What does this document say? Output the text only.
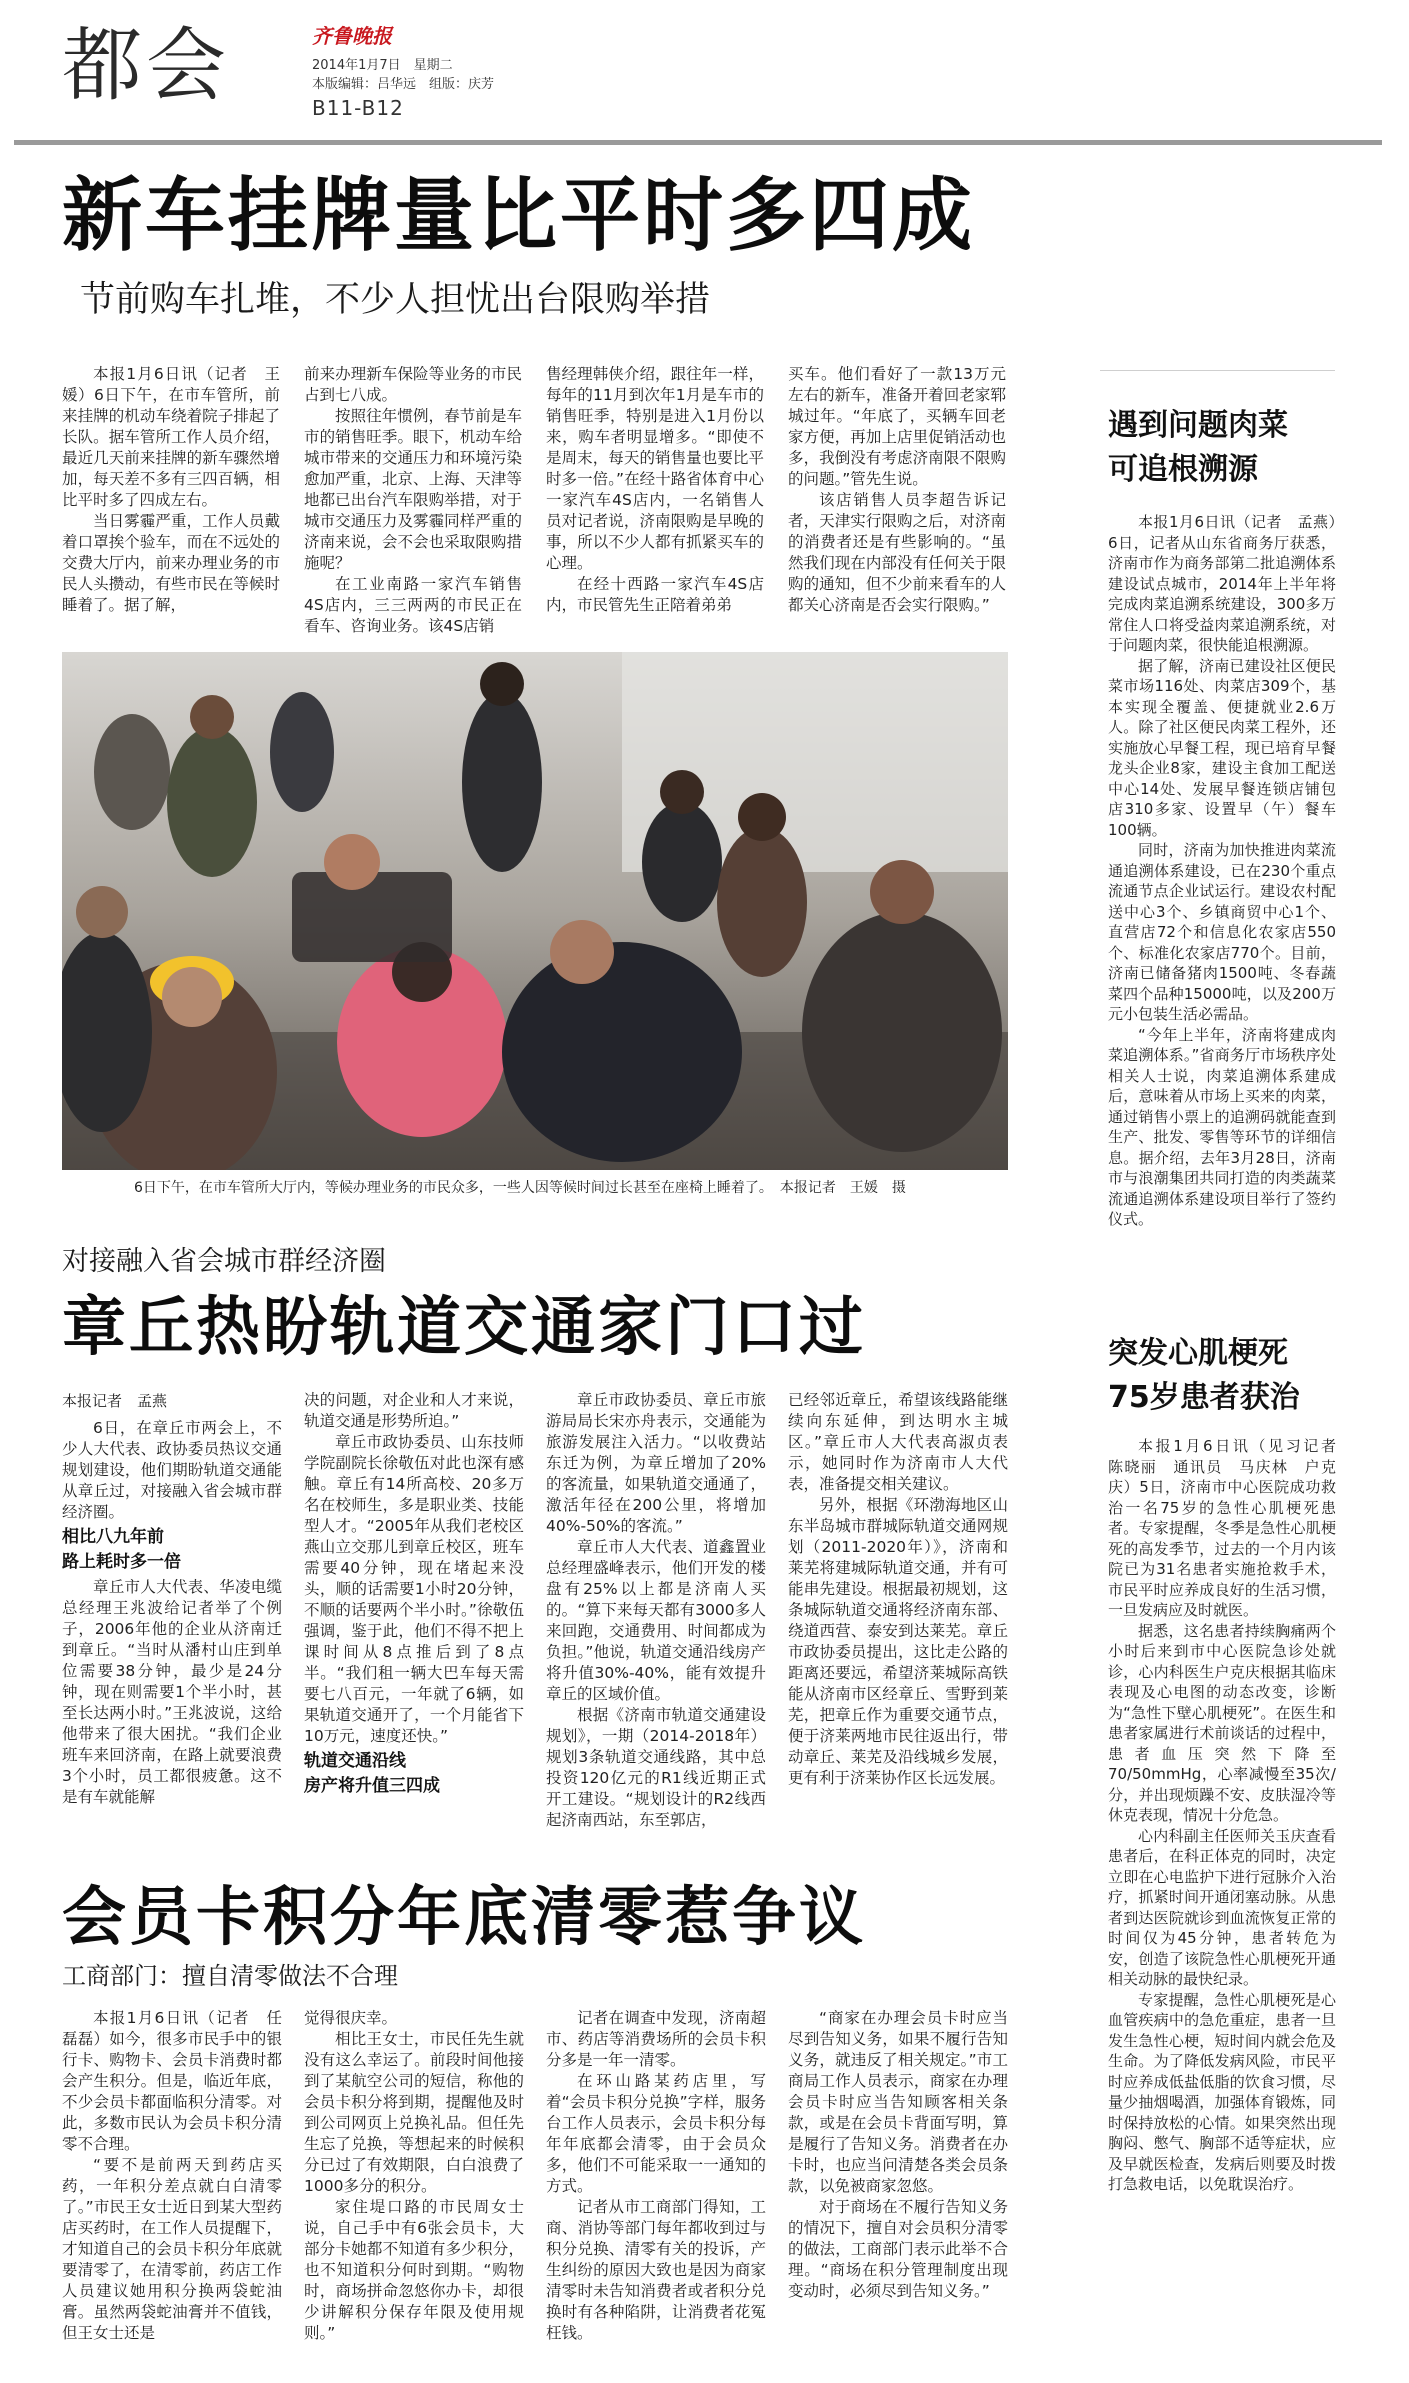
都会	齐鲁晚报
2014年1月7日　星期二
本版编辑：吕华远　组版：庆芳
B11-B12
新车挂牌量比平时多四成
节前购车扎堆，不少人担忧出台限购举措

本报1月6日讯（记者　王媛）6日下午，在市车管所，前来挂牌的机动车绕着院子排起了长队。据车管所工作人员介绍，最近几天前来挂牌的新车骤然增加，每天差不多有三四百辆，相比平时多了四成左右。

当日雾霾严重，工作人员戴着口罩挨个验车，而在不远处的交费大厅内，前来办理业务的市民人头攒动，有些市民在等候时睡着了。据了解，

前来办理新车保险等业务的市民占到七八成。

按照往年惯例，春节前是车市的销售旺季。眼下，机动车给城市带来的交通压力和环境污染愈加严重，北京、上海、天津等地都已出台汽车限购举措，对于城市交通压力及雾霾同样严重的济南来说，会不会也采取限购措施呢？

在工业南路一家汽车销售4S店内，三三两两的市民正在看车、咨询业务。该4S店销

售经理韩侠介绍，跟往年一样，每年的11月到次年1月是车市的销售旺季，特别是进入1月份以来，购车者明显增多。“即使不是周末，每天的销售量也要比平时多一倍。”在经十路省体育中心一家汽车4S店内，一名销售人员对记者说，济南限购是早晚的事，所以不少人都有抓紧买车的心理。

在经十西路一家汽车4S店内，市民管先生正陪着弟弟

买车。他们看好了一款13万元左右的新车，准备开着回老家郓城过年。“年底了，买辆车回老家方便，再加上店里促销活动也多，我倒没有考虑济南限不限购的问题。”管先生说。

该店销售人员李超告诉记者，天津实行限购之后，对济南的消费者还是有些影响的。“虽然我们现在内部没有任何关于限购的通知，但不少前来看车的人都关心济南是否会实行限购。”

6日下午，在市车管所大厅内，等候办理业务的市民众多，一些人因等候时间过长甚至在座椅上睡着了。　本报记者　王媛　摄
对接融入省会城市群经济圈
章丘热盼轨道交通家门口过
本报记者　孟燕

6日，在章丘市两会上，不少人大代表、政协委员热议交通规划建设，他们期盼轨道交通能从章丘过，对接融入省会城市群经济圈。

相比八九年前

路上耗时多一倍

章丘市人大代表、华凌电缆总经理王兆波给记者举了个例子，2006年他的企业从济南迁到章丘。“当时从潘村山庄到单位需要38分钟，最少是24分钟，现在则需要1个半小时，甚至长达两小时。”王兆波说，这给他带来了很大困扰。“我们企业班车来回济南，在路上就要浪费3个小时，员工都很疲惫。这不是有车就能解

决的问题，对企业和人才来说，轨道交通是形势所迫。”

章丘市政协委员、山东技师学院副院长徐敬伍对此也深有感触。章丘有14所高校、20多万名在校师生，多是职业类、技能型人才。“2005年从我们老校区燕山立交那儿到章丘校区，班车需要40分钟，现在堵起来没头，顺的话需要1小时20分钟，不顺的话要两个半小时。”徐敬伍强调，鉴于此，他们不得不把上课时间从8点推后到了8点半。“我们租一辆大巴车每天需要七八百元，一年就了6辆，如果轨道交通开了，一个月能省下10万元，速度还快。”

轨道交通沿线

房产将升值三四成

章丘市政协委员、章丘市旅游局局长宋亦舟表示，交通能为旅游发展注入活力。“以收费站东迁为例，为章丘增加了20%的客流量，如果轨道交通通了，激活年径在200公里，将增加40%-50%的客流。”

章丘市人大代表、道鑫置业总经理盛峰表示，他们开发的楼盘有25%以上都是济南人买的。“算下来每天都有3000多人来回跑，交通费用、时间都成为负担。”他说，轨道交通沿线房产将升值30%-40%，能有效提升章丘的区域价值。

根据《济南市轨道交通建设规划》，一期（2014-2018年）规划3条轨道交通线路，其中总投资120亿元的R1线近期正式开工建设。“规划设计的R2线西起济南西站，东至郭店，

已经邻近章丘，希望该线路能继续向东延伸，到达明水主城区。”章丘市人大代表高淑贞表示，她同时作为济南市人大代表，准备提交相关建议。

另外，根据《环渤海地区山东半岛城市群城际轨道交通网规划（2011-2020年）》，济南和莱芜将建城际轨道交通，并有可能串先建设。根据最初规划，这条城际轨道交通将经济南东部、绕道西营、泰安到达莱芜。章丘市政协委员提出，这比走公路的距离还要远，希望济莱城际高铁能从济南市区经章丘、雪野到莱芜，把章丘作为重要交通节点，便于济莱两地市民往返出行，带动章丘、莱芜及沿线城乡发展，更有利于济莱协作区长远发展。

会员卡积分年底清零惹争议
工商部门：擅自清零做法不合理

本报1月6日讯（记者　任磊磊）如今，很多市民手中的银行卡、购物卡、会员卡消费时都会产生积分。但是，临近年底，不少会员卡都面临积分清零。对此，多数市民认为会员卡积分清零不合理。

“要不是前两天到药店买药，一年积分差点就白白清零了。”市民王女士近日到某大型药店买药时，在工作人员提醒下，才知道自己的会员卡积分年底就要清零了，在清零前，药店工作人员建议她用积分换两袋蛇油膏。虽然两袋蛇油膏并不值钱，但王女士还是

觉得很庆幸。

相比王女士，市民任先生就没有这么幸运了。前段时间他接到了某航空公司的短信，称他的会员卡积分将到期，提醒他及时到公司网页上兑换礼品。但任先生忘了兑换，等想起来的时候积分已过了有效期限，白白浪费了1000多分的积分。

家住堤口路的市民周女士说，自己手中有6张会员卡，大部分卡她都不知道有多少积分，也不知道积分何时到期。“购物时，商场拼命忽悠你办卡，却很少讲解积分保存年限及使用规则。”

记者在调查中发现，济南超市、药店等消费场所的会员卡积分多是一年一清零。

在环山路某药店里，写着“会员卡积分兑换”字样，服务台工作人员表示，会员卡积分每年年底都会清零，由于会员众多，他们不可能采取一一通知的方式。

记者从市工商部门得知，工商、消协等部门每年都收到过与积分兑换、清零有关的投诉，产生纠纷的原因大致也是因为商家清零时未告知消费者或者积分兑换时有各种陷阱，让消费者花冤枉钱。

“商家在办理会员卡时应当尽到告知义务，如果不履行告知义务，就违反了相关规定。”市工商局工作人员表示，商家在办理会员卡时应当告知顾客相关条款，或是在会员卡背面写明，算是履行了告知义务。消费者在办卡时，也应当问清楚各类会员条款，以免被商家忽悠。

对于商场在不履行告知义务的情况下，擅自对会员积分清零的做法，工商部门表示此举不合理。“商场在积分管理制度出现变动时，必须尽到告知义务。”

遇到问题肉菜
可追根溯源

本报1月6日讯（记者　孟燕）6日，记者从山东省商务厅获悉，济南市作为商务部第二批追溯体系建设试点城市，2014年上半年将完成肉菜追溯系统建设，300多万常住人口将受益肉菜追溯系统，对于问题肉菜，很快能追根溯源。

据了解，济南已建设社区便民菜市场116处、肉菜店309个，基本实现全覆盖、便捷就业2.6万人。除了社区便民肉菜工程外，还实施放心早餐工程，现已培育早餐龙头企业8家，建设主食加工配送中心14处、发展早餐连锁店铺包店310多家、设置早（午）餐车100辆。

同时，济南为加快推进肉菜流通追溯体系建设，已在230个重点流通节点企业试运行。建设农村配送中心3个、乡镇商贸中心1个、直营店72个和信息化农家店550个、标准化农家店770个。目前，济南已储备猪肉1500吨、冬春蔬菜四个品种15000吨，以及200万元小包装生活必需品。

“今年上半年，济南将建成肉菜追溯体系。”省商务厅市场秩序处相关人士说，肉菜追溯体系建成后，意味着从市场上买来的肉菜，通过销售小票上的追溯码就能查到生产、批发、零售等环节的详细信息。据介绍，去年3月28日，济南市与浪潮集团共同打造的肉类蔬菜流通追溯体系建设项目举行了签约仪式。

突发心肌梗死
75岁患者获治

本报1月6日讯（见习记者　陈晓丽　通讯员　马庆林　户克庆）5日，济南市中心医院成功救治一名75岁的急性心肌梗死患者。专家提醒，冬季是急性心肌梗死的高发季节，过去的一个月内该院已为31名患者实施抢救手术，市民平时应养成良好的生活习惯，一旦发病应及时就医。

据悉，这名患者持续胸痛两个小时后来到市中心医院急诊处就诊，心内科医生户克庆根据其临床表现及心电图的动态改变，诊断为“急性下壁心肌梗死”。在医生和患者家属进行术前谈话的过程中，患者血压突然下降至70/50mmHg，心率减慢至35次/分，并出现烦躁不安、皮肤湿冷等休克表现，情况十分危急。

心内科副主任医师关玉庆查看患者后，在科正体克的同时，决定立即在心电监护下进行冠脉介入治疗，抓紧时间开通闭塞动脉。从患者到达医院就诊到血流恢复正常的时间仅为45分钟，患者转危为安，创造了该院急性心肌梗死开通相关动脉的最快纪录。

专家提醒，急性心肌梗死是心血管疾病中的急危重症，患者一旦发生急性心梗，短时间内就会危及生命。为了降低发病风险，市民平时应养成低盐低脂的饮食习惯，尽量少抽烟喝酒，加强体育锻炼，同时保持放松的心情。如果突然出现胸闷、憋气、胸部不适等症状，应及早就医检查，发病后则要及时拨打急救电话，以免耽误治疗。
